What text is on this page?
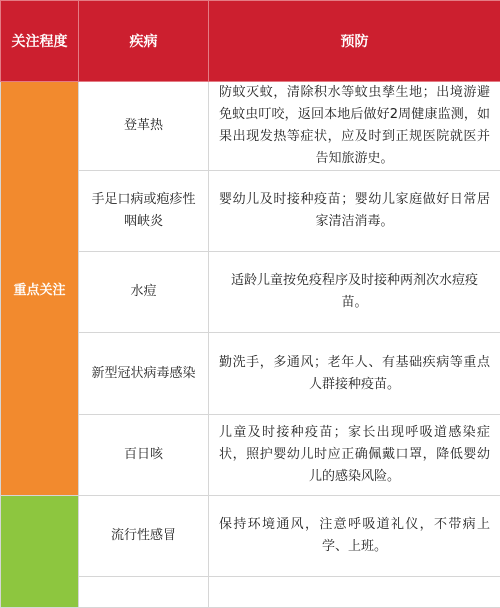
关注程度	疾病	预防
重点关注	登革热	防蚊灭蚊，清除积水等蚊虫孳生地；出境游避免蚊虫叮咬，返回本地后做好2周健康监测，如果出现发热等症状，应及时到正规医院就医并告知旅游史。
	手足口病或疱疹性咽峡炎	婴幼儿及时接种疫苗；婴幼儿家庭做好日常居家清洁消毒。
	水痘	适龄儿童按免疫程序及时接种两剂次水痘疫苗。
	新型冠状病毒感染	勤洗手，多通风；老年人、有基础疾病等重点人群接种疫苗。
	百日咳	儿童及时接种疫苗；家长出现呼吸道感染症状，照护婴幼儿时应正确佩戴口罩，降低婴幼儿的感染风险。
	流行性感冒	保持环境通风，注意呼吸道礼仪，不带病上学、上班。
